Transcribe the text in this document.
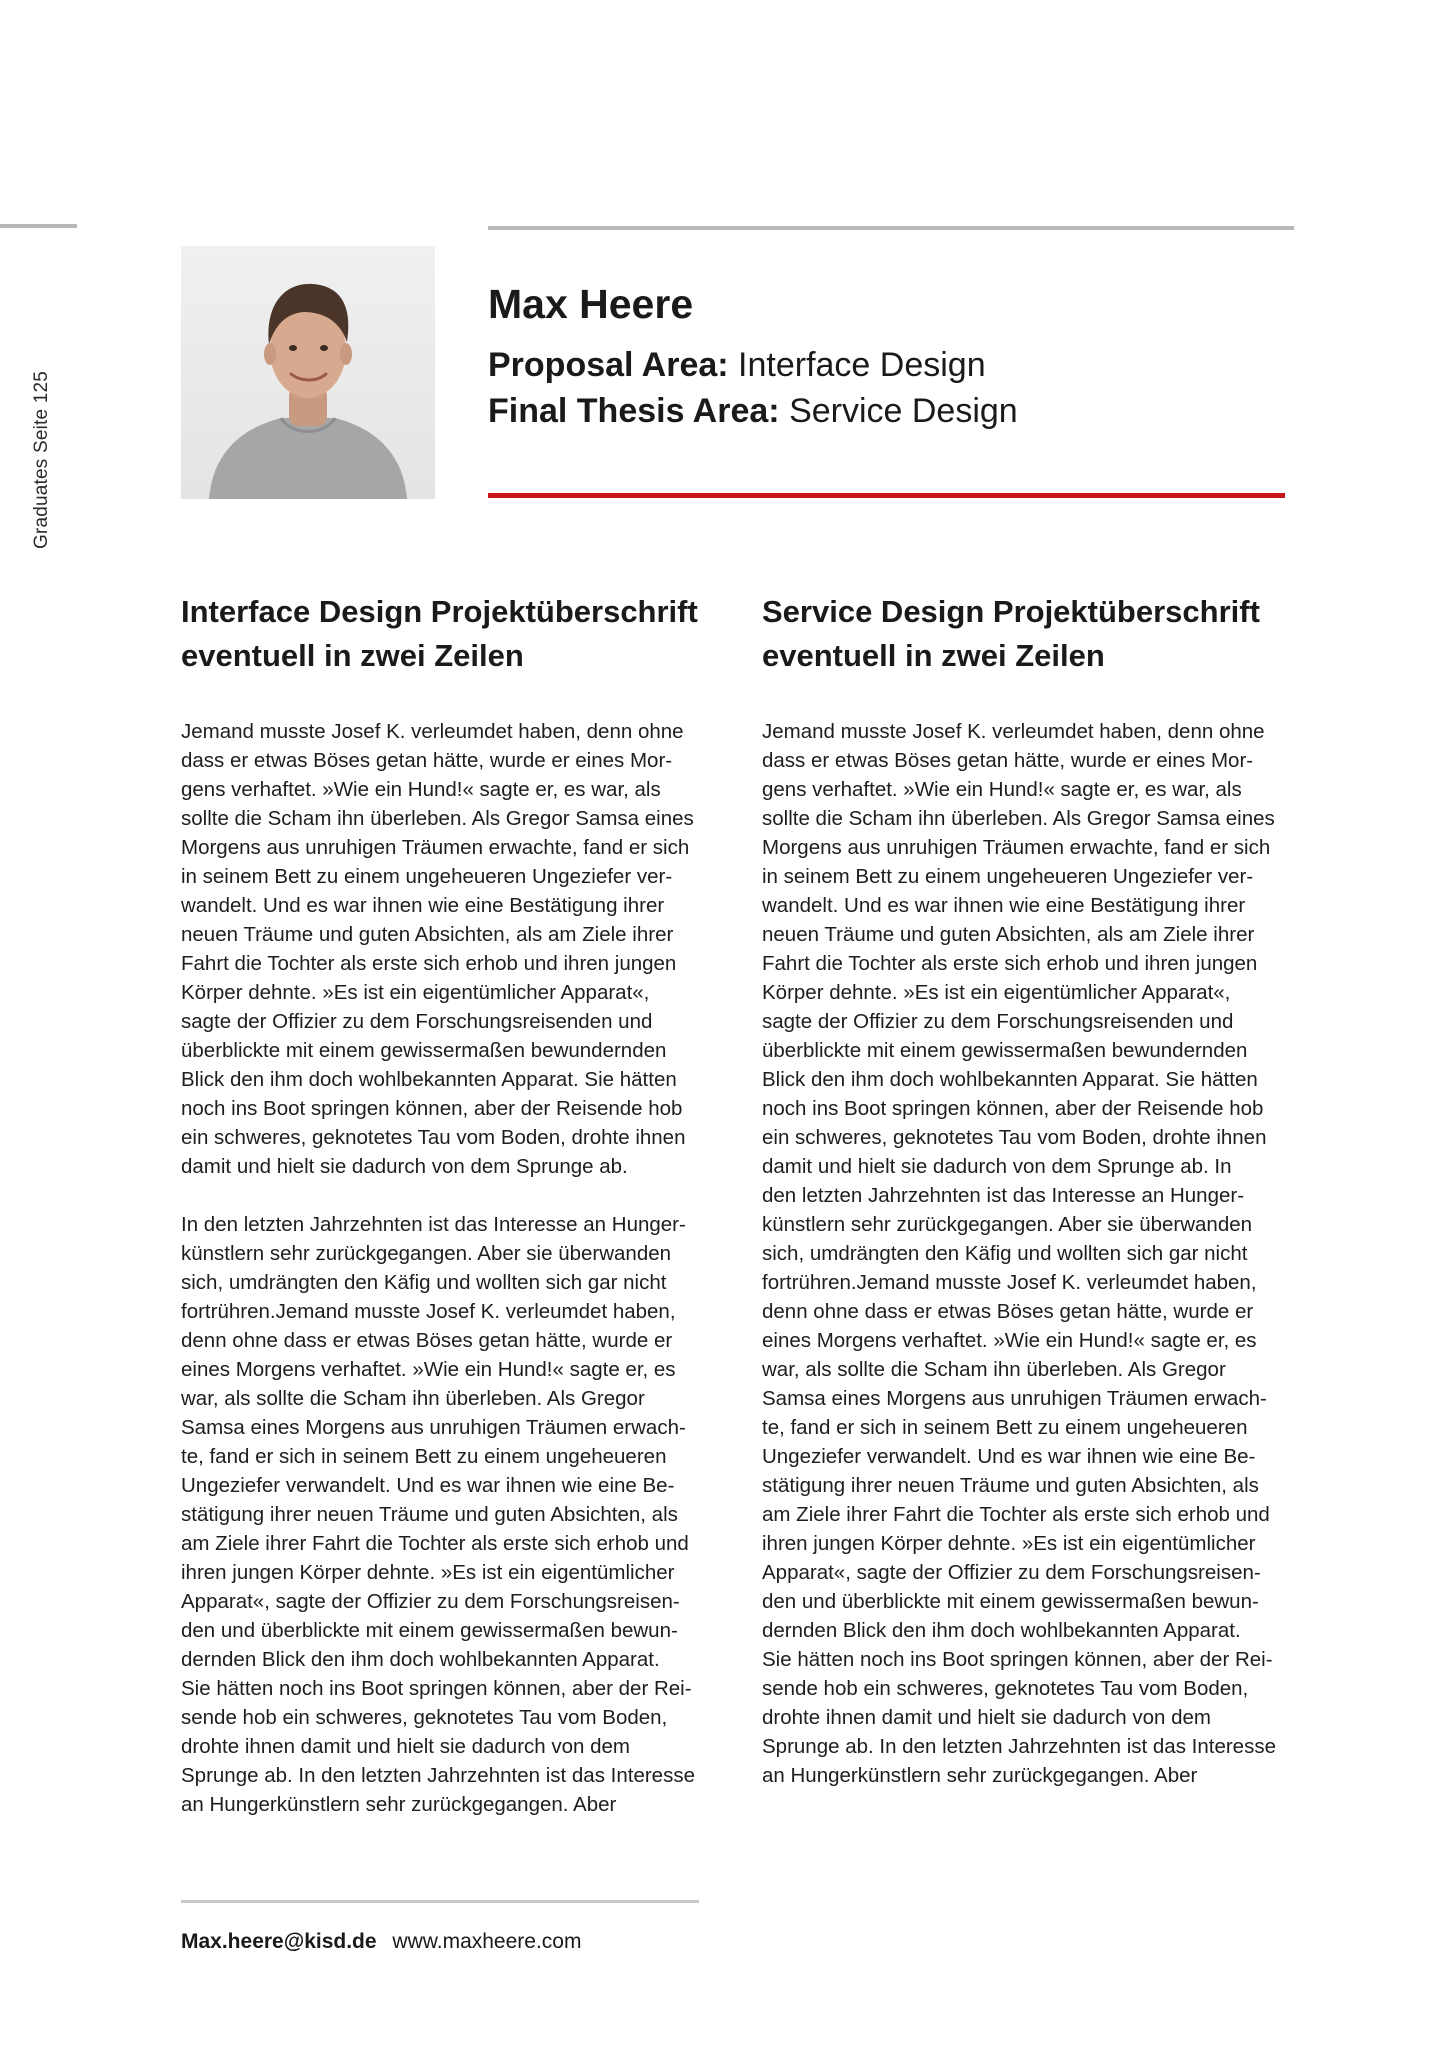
Graduates Seite 125
Max Heere
Proposal Area: Interface Design
Final Thesis Area: Service Design
Interface Design Projektüberschrift
eventuell in zwei Zeilen

Jemand musste Josef K. verleumdet haben, denn ohne
dass er etwas Böses getan hätte, wurde er eines Mor-
gens verhaftet. »Wie ein Hund!« sagte er, es war, als
sollte die Scham ihn überleben. Als Gregor Samsa eines
Morgens aus unruhigen Träumen erwachte, fand er sich
in seinem Bett zu einem ungeheueren Ungeziefer ver-
wandelt. Und es war ihnen wie eine Bestätigung ihrer
neuen Träume und guten Absichten, als am Ziele ihrer
Fahrt die Tochter als erste sich erhob und ihren jungen
Körper dehnte. »Es ist ein eigentümlicher Apparat«,
sagte der Offizier zu dem Forschungsreisenden und
überblickte mit einem gewissermaßen bewundernden
Blick den ihm doch wohlbekannten Apparat. Sie hätten
noch ins Boot springen können, aber der Reisende hob
ein schweres, geknotetes Tau vom Boden, drohte ihnen
damit und hielt sie dadurch von dem Sprunge ab.

In den letzten Jahrzehnten ist das Interesse an Hunger-
künstlern sehr zurückgegangen. Aber sie überwanden
sich, umdrängten den Käfig und wollten sich gar nicht
fortrühren.Jemand musste Josef K. verleumdet haben,
denn ohne dass er etwas Böses getan hätte, wurde er
eines Morgens verhaftet. »Wie ein Hund!« sagte er, es
war, als sollte die Scham ihn überleben. Als Gregor
Samsa eines Morgens aus unruhigen Träumen erwach-
te, fand er sich in seinem Bett zu einem ungeheueren
Ungeziefer verwandelt. Und es war ihnen wie eine Be-
stätigung ihrer neuen Träume und guten Absichten, als
am Ziele ihrer Fahrt die Tochter als erste sich erhob und
ihren jungen Körper dehnte. »Es ist ein eigentümlicher
Apparat«, sagte der Offizier zu dem Forschungsreisen-
den und überblickte mit einem gewissermaßen bewun-
dernden Blick den ihm doch wohlbekannten Apparat.
Sie hätten noch ins Boot springen können, aber der Rei-
sende hob ein schweres, geknotetes Tau vom Boden,
drohte ihnen damit und hielt sie dadurch von dem
Sprunge ab. In den letzten Jahrzehnten ist das Interesse
an Hungerkünstlern sehr zurückgegangen. Aber

Service Design Projektüberschrift
eventuell in zwei Zeilen

Jemand musste Josef K. verleumdet haben, denn ohne
dass er etwas Böses getan hätte, wurde er eines Mor-
gens verhaftet. »Wie ein Hund!« sagte er, es war, als
sollte die Scham ihn überleben. Als Gregor Samsa eines
Morgens aus unruhigen Träumen erwachte, fand er sich
in seinem Bett zu einem ungeheueren Ungeziefer ver-
wandelt. Und es war ihnen wie eine Bestätigung ihrer
neuen Träume und guten Absichten, als am Ziele ihrer
Fahrt die Tochter als erste sich erhob und ihren jungen
Körper dehnte. »Es ist ein eigentümlicher Apparat«,
sagte der Offizier zu dem Forschungsreisenden und
überblickte mit einem gewissermaßen bewundernden
Blick den ihm doch wohlbekannten Apparat. Sie hätten
noch ins Boot springen können, aber der Reisende hob
ein schweres, geknotetes Tau vom Boden, drohte ihnen
damit und hielt sie dadurch von dem Sprunge ab. In
den letzten Jahrzehnten ist das Interesse an Hunger-
künstlern sehr zurückgegangen. Aber sie überwanden
sich, umdrängten den Käfig und wollten sich gar nicht
fortrühren.Jemand musste Josef K. verleumdet haben,
denn ohne dass er etwas Böses getan hätte, wurde er
eines Morgens verhaftet. »Wie ein Hund!« sagte er, es
war, als sollte die Scham ihn überleben. Als Gregor
Samsa eines Morgens aus unruhigen Träumen erwach-
te, fand er sich in seinem Bett zu einem ungeheueren
Ungeziefer verwandelt. Und es war ihnen wie eine Be-
stätigung ihrer neuen Träume und guten Absichten, als
am Ziele ihrer Fahrt die Tochter als erste sich erhob und
ihren jungen Körper dehnte. »Es ist ein eigentümlicher
Apparat«, sagte der Offizier zu dem Forschungsreisen-
den und überblickte mit einem gewissermaßen bewun-
dernden Blick den ihm doch wohlbekannten Apparat.
Sie hätten noch ins Boot springen können, aber der Rei-
sende hob ein schweres, geknotetes Tau vom Boden,
drohte ihnen damit und hielt sie dadurch von dem
Sprunge ab. In den letzten Jahrzehnten ist das Interesse
an Hungerkünstlern sehr zurückgegangen. Aber

Max.heere@kisd.de www.maxheere.com
